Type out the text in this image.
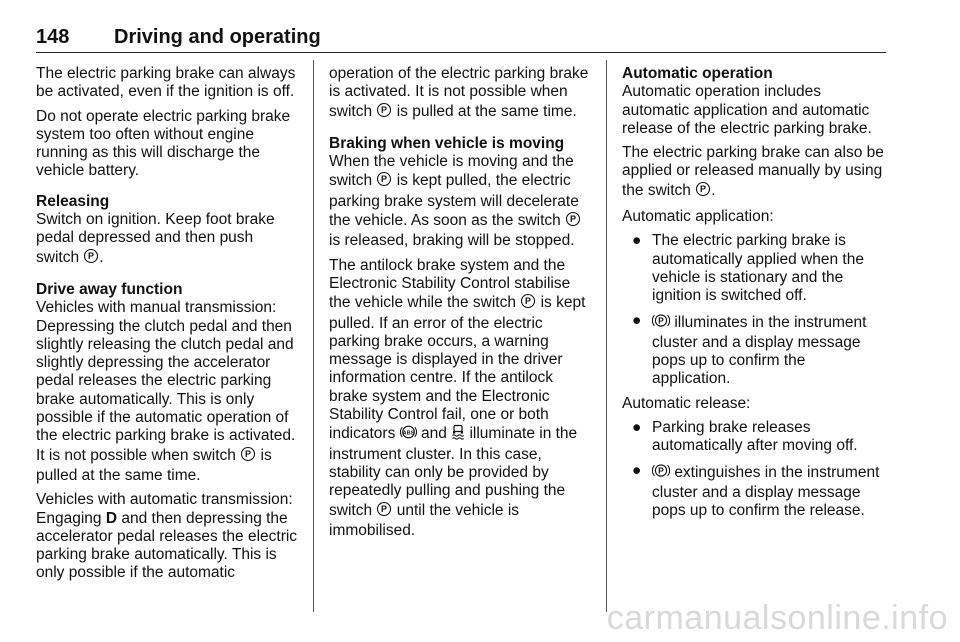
148 Driving and operating

The electric parking brake can always be activated, even if the ignition is off.

Do not operate electric parking brake system too often without engine running as this will discharge the vehicle battery.

Releasing
Switch on ignition. Keep foot brake pedal depressed and then push switch P .

Drive away function
Vehicles with manual transmission: Depressing the clutch pedal and then slightly releasing the clutch pedal and slightly depressing the accelerator pedal releases the electric parking brake automatically. This is only possible if the automatic operation of the electric parking brake is activated. It is not possible when switch P is pulled at the same time.

Vehicles with automatic transmission: Engaging D and then depressing the accelerator pedal releases the electric parking brake automatically. This is only possible if the automatic

operation of the electric parking brake is activated. It is not possible when switch P is pulled at the same time.

Braking when vehicle is moving
When the vehicle is moving and the switch P is kept pulled, the electric parking brake system will decelerate the vehicle. As soon as the switch P
is released, braking will be stopped.

The antilock brake system and the Electronic Stability Control stabilise the vehicle while the switch P is kept pulled. If an error of the electric parking brake occurs, a warning message is displayed in the driver information centre. If the antilock brake system and the Electronic Stability Control fail, one or both indicators ABS and illuminate in the instrument cluster. In this case, stability can only be provided by repeatedly pulling and pushing the switch P until the vehicle is immobilised.

Automatic operation
Automatic operation includes automatic application and automatic release of the electric parking brake.

The electric parking brake can also be applied or released manually by using the switch P .

Automatic application:

● The electric parking brake is automatically applied when the vehicle is stationary and the ignition is switched off.
● P illuminates in the instrument cluster and a display message pops up to confirm the application.

Automatic release:

● Parking brake releases automatically after moving off.
● P extinguishes in the instrument cluster and a display message pops up to confirm the release.
carmanualsonline.info
